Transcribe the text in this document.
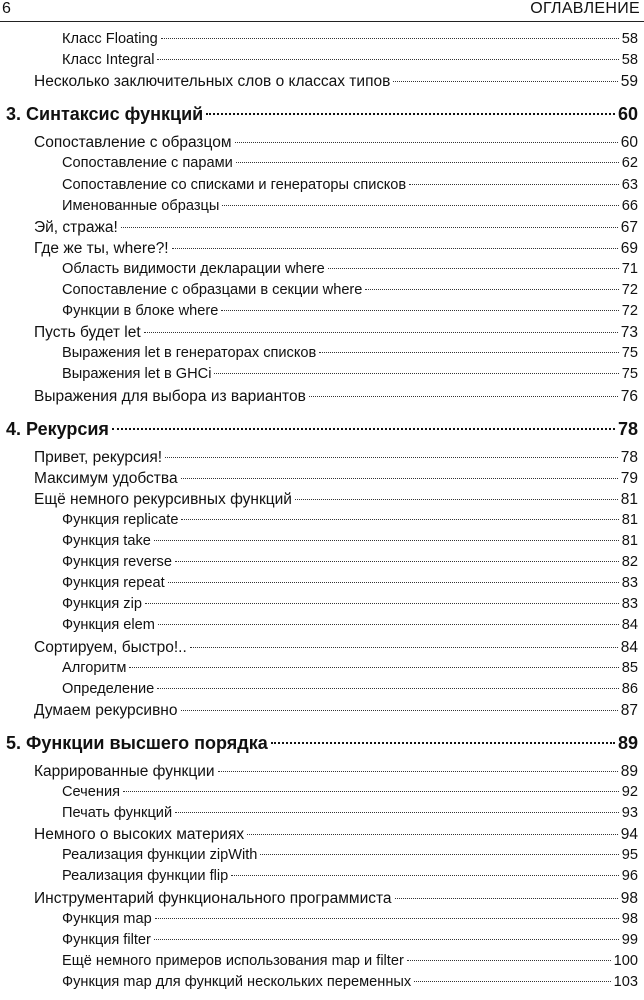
6	ОГЛАВЛЕНИЕ
Класс Floating	58
Класс Integral	58
Несколько заключительных слов о классах типов	59
3. Синтаксис функций	60
Сопоставление с образцом	60
Сопоставление с парами	62
Сопоставление со списками и генераторы списков	63
Именованные образцы	66
Эй, стража!	67
Где же ты, where?!	69
Область видимости декларации where	71
Сопоставление с образцами в секции where	72
Функции в блоке where	72
Пусть будет let	73
Выражения let в генераторах списков	75
Выражения let в GHCi	75
Выражения для выбора из вариантов	76
4. Рекурсия	78
Привет, рекурсия!	78
Максимум удобства	79
Ещё немного рекурсивных функций	81
Функция replicate	81
Функция take	81
Функция reverse	82
Функция repeat	83
Функция zip	83
Функция elem	84
Сортируем, быстро!..	84
Алгоритм	85
Определение	86
Думаем рекурсивно	87
5. Функции высшего порядка	89
Каррированные функции	89
Сечения	92
Печать функций	93
Немного о высоких материях	94
Реализация функции zipWith	95
Реализация функции flip	96
Инструментарий функционального программиста	98
Функция map	98
Функция filter	99
Ещё немного примеров использования map и filter	100
Функция map для функций нескольких переменных	103
